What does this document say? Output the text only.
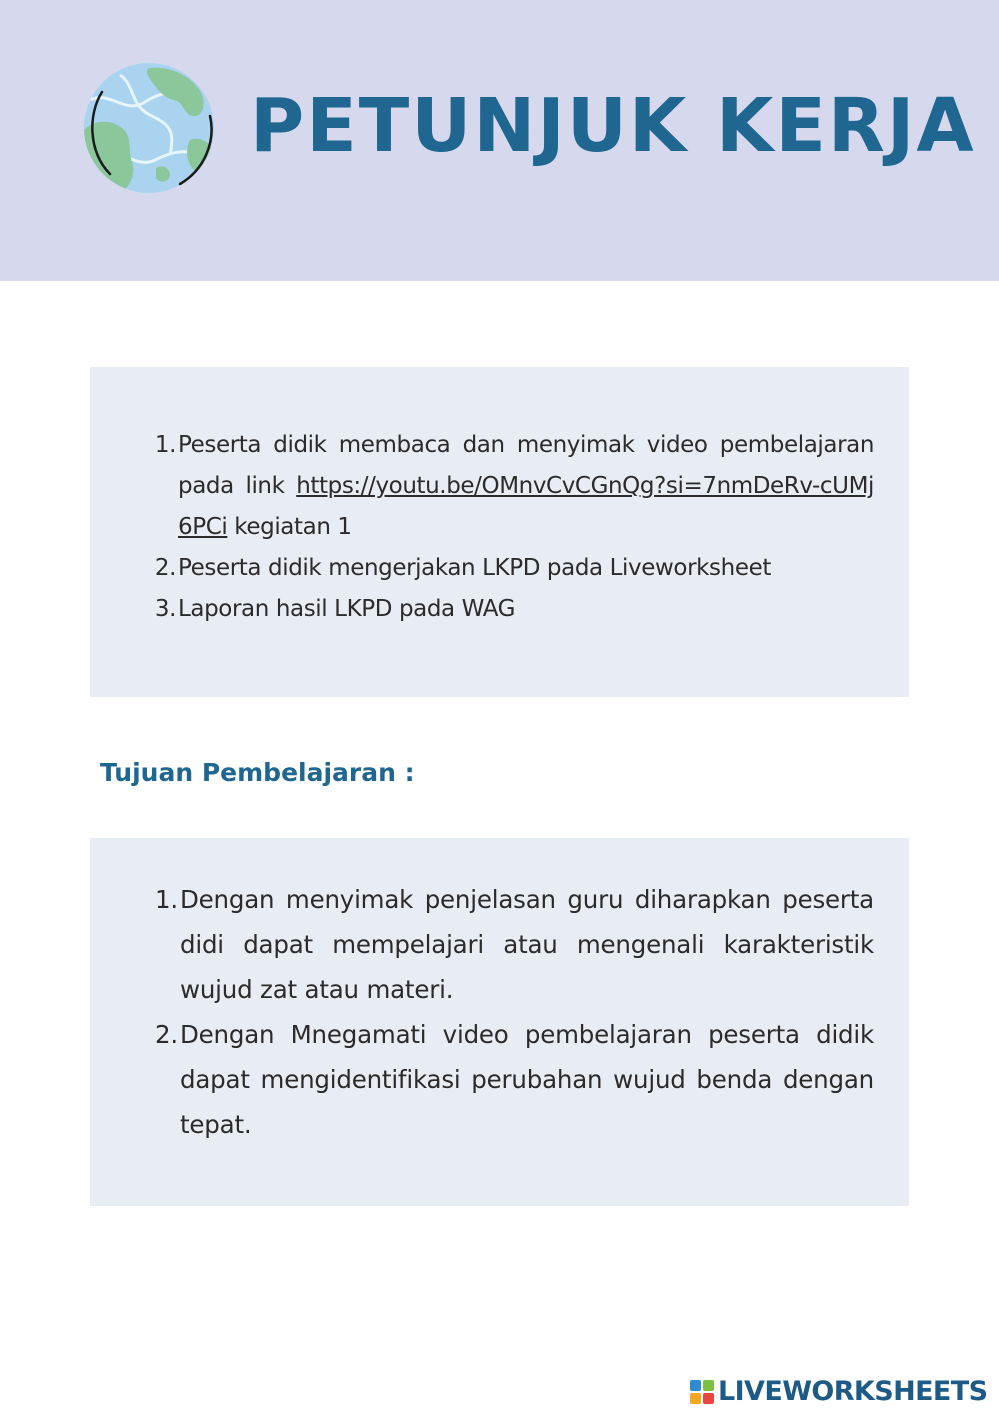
PETUNJUK KERJA
1. Peserta didik membaca dan menyimak video pembelajaran pada link https://youtu.be/OMnvCvCGnQg?si=7nmDeRv-cUMj6PCi kegiatan 1
2. Peserta didik mengerjakan LKPD pada Liveworksheet
3. Laporan hasil LKPD pada WAG
Tujuan Pembelajaran :
1. Dengan menyimak penjelasan guru diharapkan peserta didi dapat mempelajari atau mengenali karakteristik wujud zat atau materi.
2. Dengan Mnegamati video pembelajaran peserta didik dapat mengidentifikasi perubahan wujud benda dengan tepat.
LIVEWORKSHEETS
